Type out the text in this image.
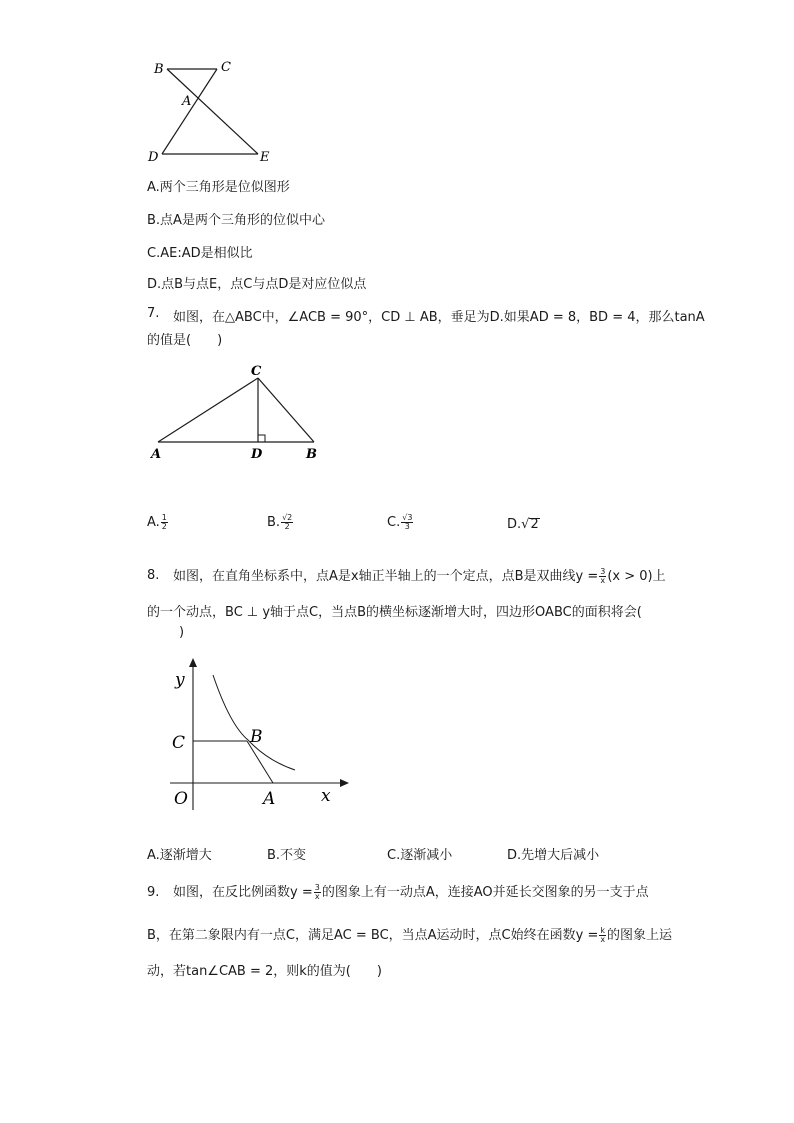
B	C
A
D	E
A.两个三角形是位似图形
B.点A是两个三角形的位似中心
C.AE:AD是相似比
D.点B与点E，点C与点D是对应位似点
7. 如图，在△ABC中，∠ACB = 90°，CD ⊥ AB，垂足为D.如果AD = 8，BD = 4，那么tanA
的值是(　　)
C
A	D	B
A. $\frac{1}{2}$	B. $\frac{√2}{2}$	C. $\frac{√3}{3}$	D.√2
8. 如图，在直角坐标系中，点A是x轴正半轴上的一个定点，点B是双曲线$y = \frac{3}{x} (x > 0)$上
的一个动点，BC ⊥ y轴于点C，当点B的横坐标逐渐增大时，四边形OABC的面积将会(
)
y
C	B
O	A	x
A.逐渐增大	B.不变	C.逐渐减小	D.先增大后减小
9. 如图，在反比例函数$y = \frac{3}{x}$ 的图象上有一动点A，连接AO并延长交图象的另一支于点
B，在第二象限内有一点C，满足AC = BC，当点A运动时，点C始终在函数$y = \frac{k}{x}$ 的图象上运
动，若tan∠CAB = 2，则k的值为(　　)
